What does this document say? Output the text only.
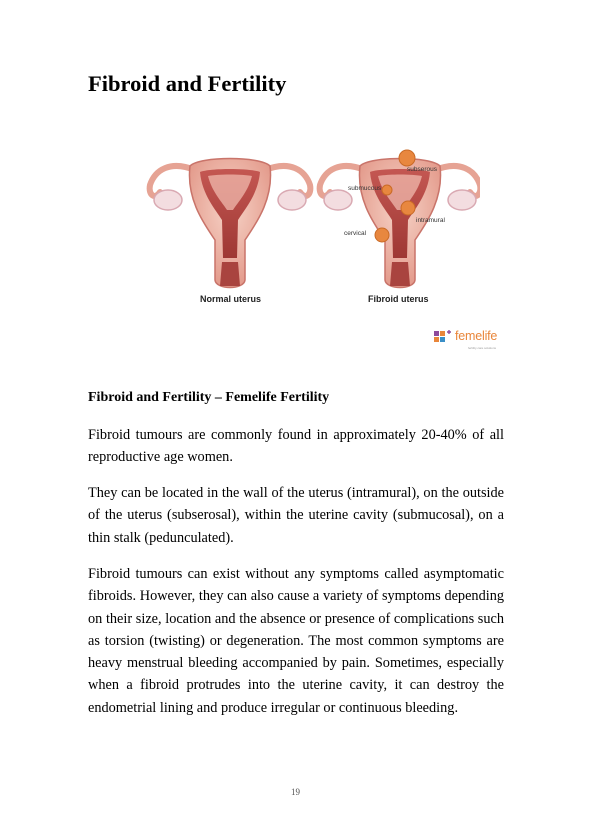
Fibroid and Fertility
subserous
submucous
intramural
cervical
Normal uterus	Fibroid uterus
femelife
fertility care solutions
Fibroid and Fertility – Femelife Fertility

Fibroid tumours are commonly found in approximately 20-40% of all reproductive age women.

They can be located in the wall of the uterus (intramural), on the outside of the uterus (subserosal), within the uterine cavity (submucosal), on a thin stalk (pedunculated).

Fibroid tumours can exist without any symptoms called asymptomatic fibroids. However, they can also cause a variety of symptoms depending on their size, location and the absence or presence of complications such as torsion (twisting) or degeneration. The most common symptoms are heavy menstrual bleeding accompanied by pain. Sometimes, especially when a fibroid protrudes into the uterine cavity, it can destroy the endometrial lining and produce irregular or continuous bleeding.

19
